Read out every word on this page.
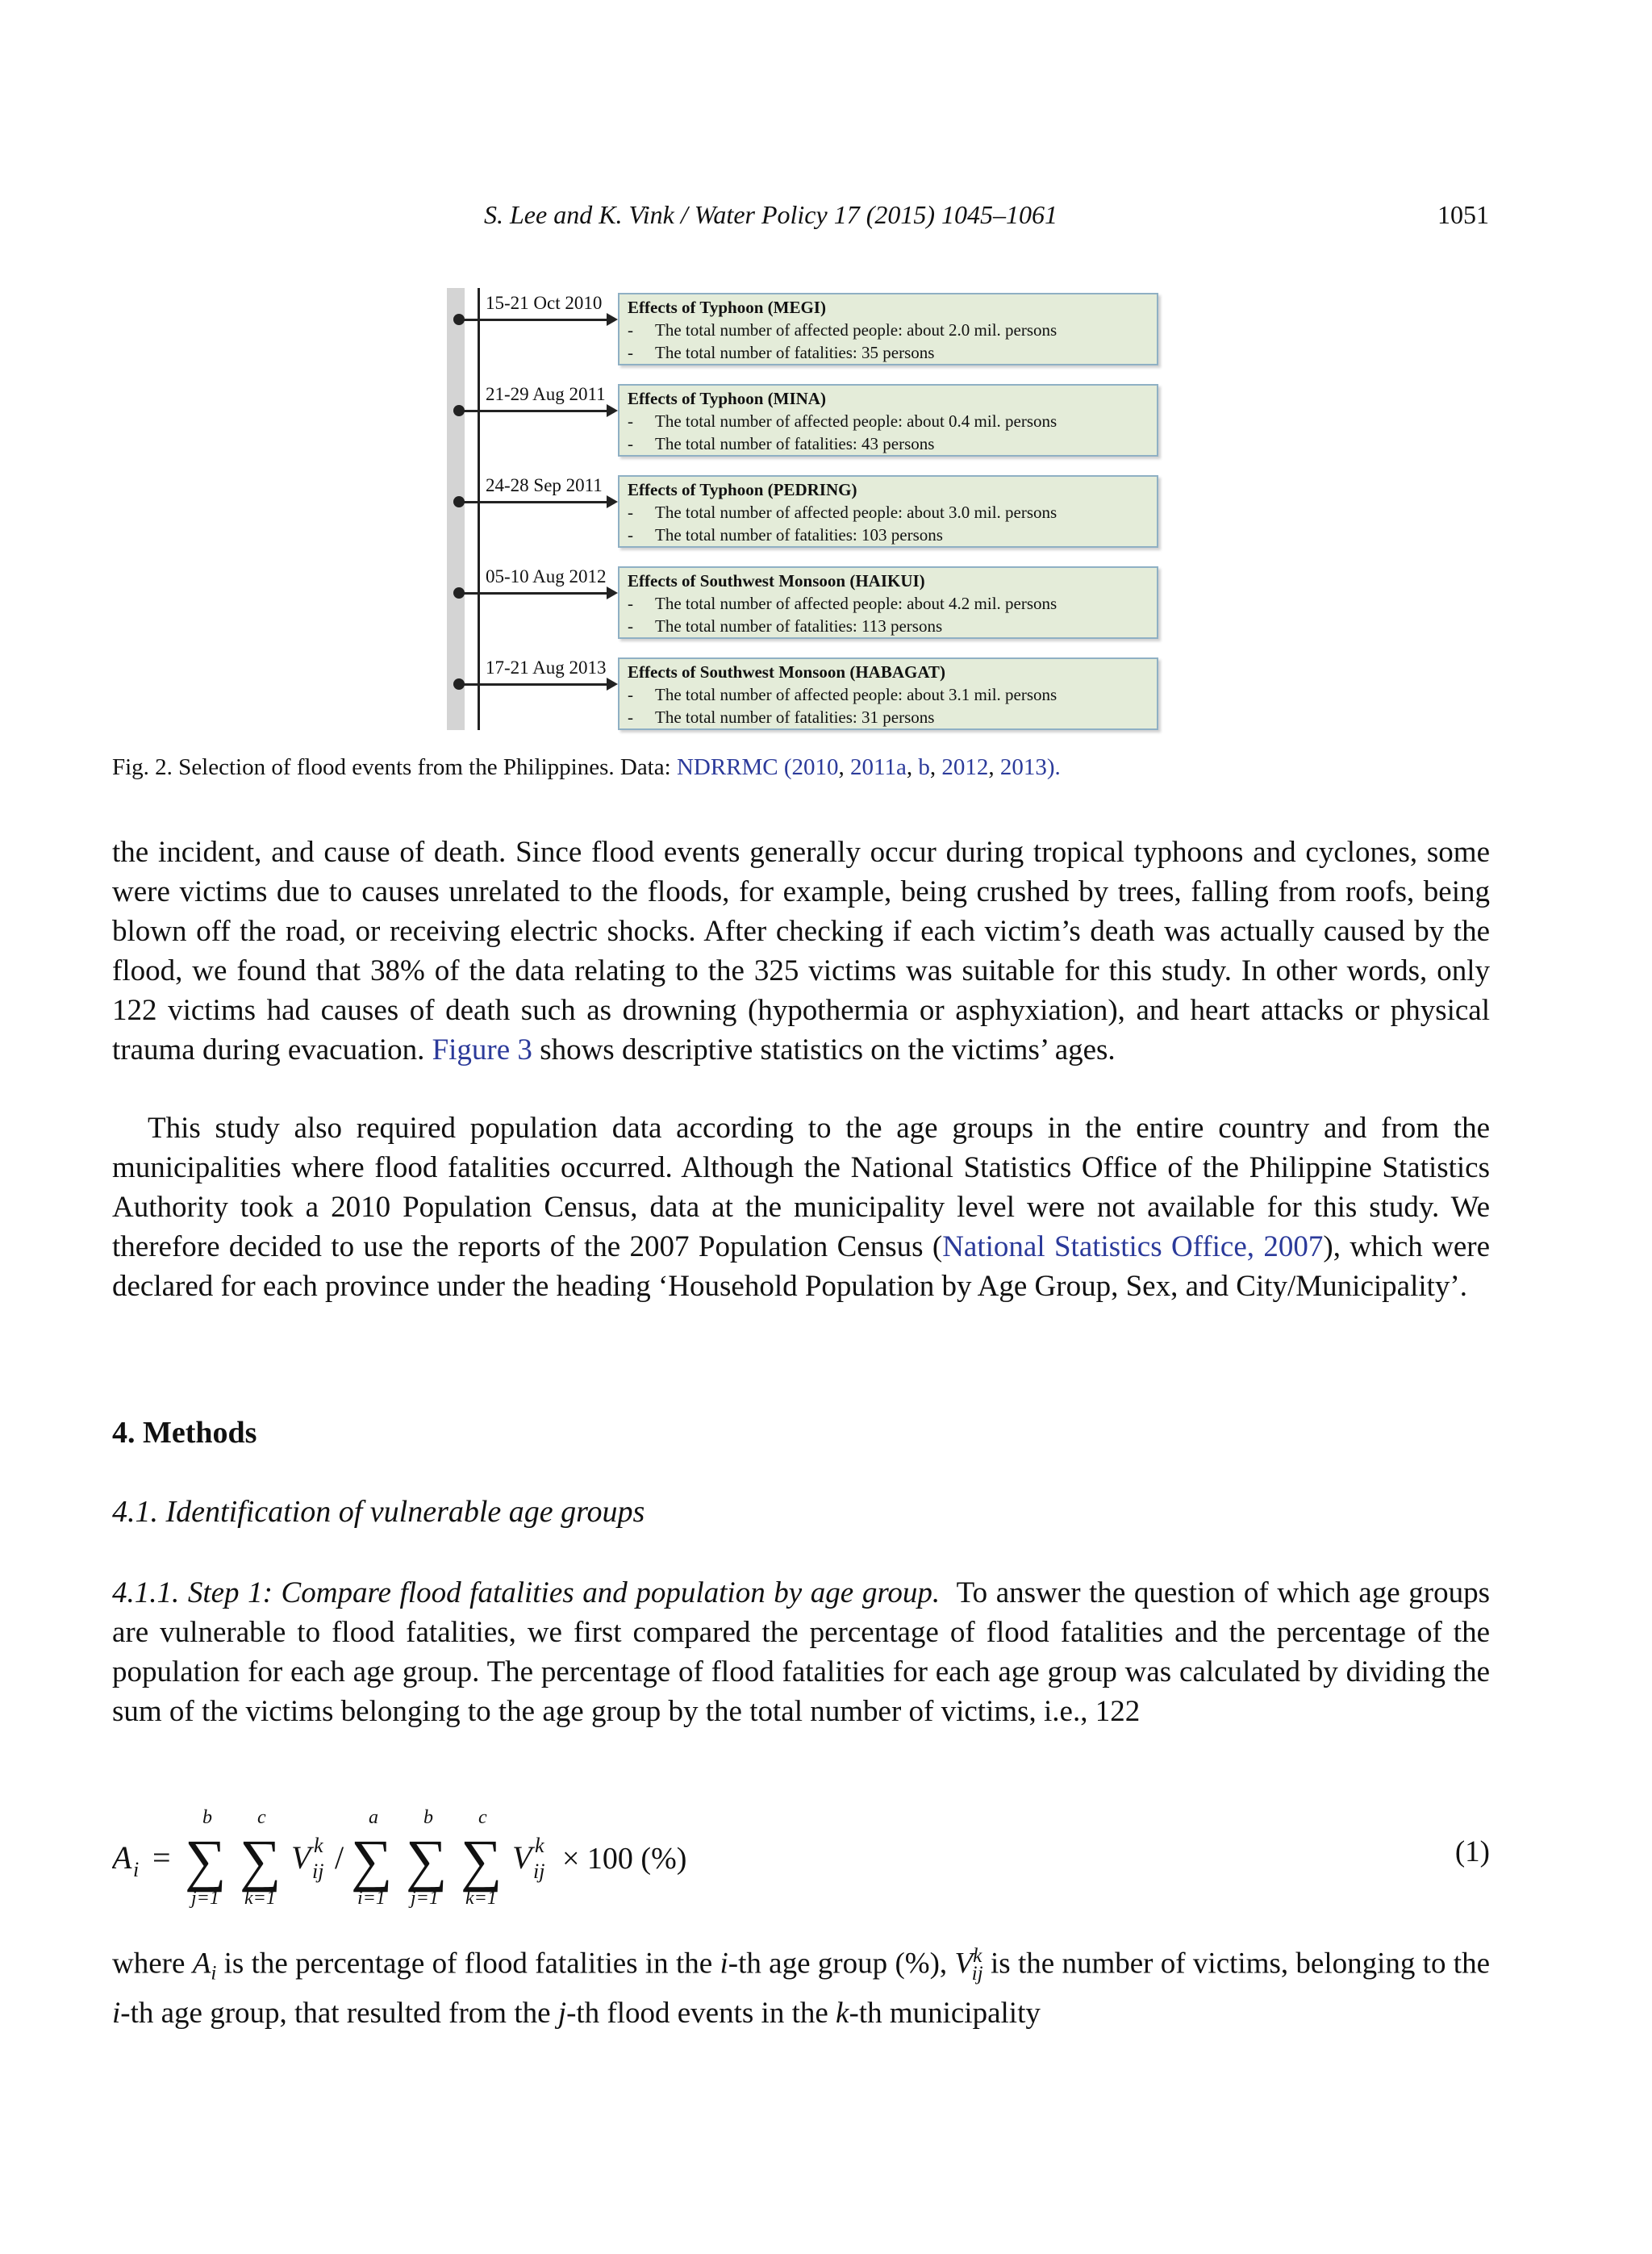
S. Lee and K. Vink / Water Policy 17 (2015) 1045–1061	1051
15-21 Oct 2010 Effects of Typhoon (MEGI)
- The total number of affected people: about 2.0 mil. persons
- The total number of fatalities: 35 persons
21-29 Aug 2011 Effects of Typhoon (MINA)
- The total number of affected people: about 0.4 mil. persons
- The total number of fatalities: 43 persons
24-28 Sep 2011 Effects of Typhoon (PEDRING)
- The total number of affected people: about 3.0 mil. persons
- The total number of fatalities: 103 persons
05-10 Aug 2012 Effects of Southwest Monsoon (HAIKUI)
- The total number of affected people: about 4.2 mil. persons
- The total number of fatalities: 113 persons
17-21 Aug 2013 Effects of Southwest Monsoon (HABAGAT)
- The total number of affected people: about 3.1 mil. persons
- The total number of fatalities: 31 persons
Fig. 2. Selection of flood events from the Philippines. Data: NDRRMC (2010, 2011a, b, 2012, 2013).
the incident, and cause of death. Since flood events generally occur during tropical typhoons and cyclones, some were victims due to causes unrelated to the floods, for example, being crushed by trees, falling from roofs, being blown off the road, or receiving electric shocks. After checking if each victim’s death was actually caused by the flood, we found that 38% of the data relating to the 325 victims was suitable for this study. In other words, only 122 victims had causes of death such as drowning (hypothermia or asphyxiation), and heart attacks or physical trauma during evacuation. Figure 3 shows descriptive statistics on the victims’ ages.
This study also required population data according to the age groups in the entire country and from the municipalities where flood fatalities occurred. Although the National Statistics Office of the Philippine Statistics Authority took a 2010 Population Census, data at the municipality level were not available for this study. We therefore decided to use the reports of the 2007 Population Census (National Statistics Office, 2007), which were declared for each province under the heading ‘Household Population by Age Group, Sex, and City/Municipality’.
4. Methods
4.1. Identification of vulnerable age groups
4.1.1. Step 1: Compare flood fatalities and population by age group.  To answer the question of which age groups are vulnerable to flood fatalities, we first compared the percentage of flood fatalities and the percentage of the population for each age group. The percentage of flood fatalities for each age group was calculated by dividing the sum of the victims belonging to the age group by the total number of victims, i.e., 122
A i = ∑
b
j=1
∑
c
k=1
V k
ij / ∑
a
i=1
∑
b
j=1
∑
c
k=1
V k
ij × 100 (%)	(1)
where $A_i$ is the percentage of flood fatalities in the i-th age group (%), $V^k_{ij}$ is the number of victims, belonging to the i-th age group, that resulted from the j-th flood events in the k-th municipality
